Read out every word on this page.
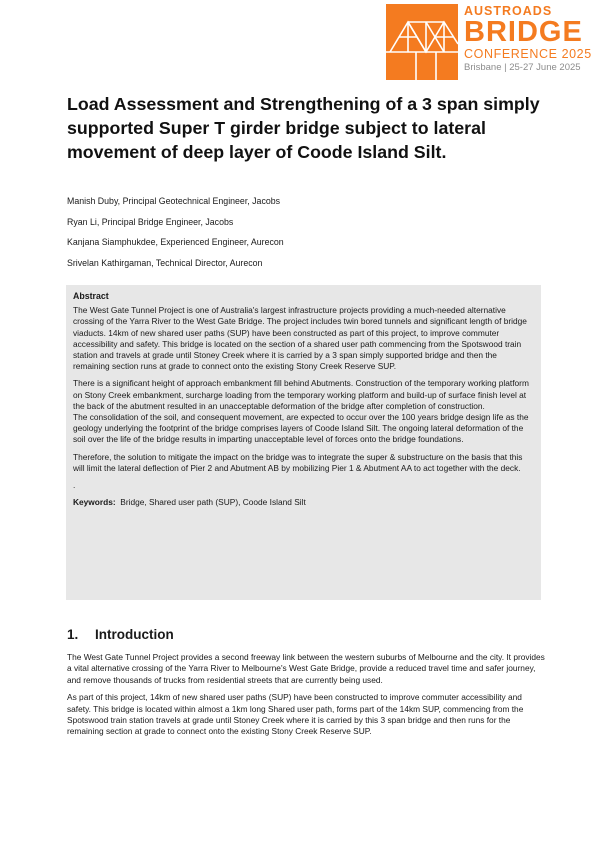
AUSTROADS
BRIDGE
CONFERENCE 2025
Brisbane | 25-27 June 2025
Load Assessment and Strengthening of a 3 span simply supported Super T girder bridge subject to lateral movement of deep layer of Coode Island Silt.
Manish Duby, Principal Geotechnical Engineer, Jacobs
Ryan Li, Principal Bridge Engineer, Jacobs
Kanjana Siamphukdee, Experienced Engineer, Aurecon
Srivelan Kathirgaman, Technical Director, Aurecon
Abstract

The West Gate Tunnel Project is one of Australia's largest infrastructure projects providing a much-needed alternative crossing of the Yarra River to the West Gate Bridge. The project includes twin bored tunnels and significant length of bridge viaducts. 14km of new shared user paths (SUP) have been constructed as part of this project, to improve commuter accessibility and safety. This bridge is located on the section of a shared user path commencing from the Spotswood train station and travels at grade until Stoney Creek where it is carried by a 3 span simply supported bridge and then the remaining section runs at grade to connect onto the existing Stony Creek Reserve SUP.

There is a significant height of approach embankment fill behind Abutments. Construction of the temporary working platform on Stony Creek embankment, surcharge loading from the temporary working platform and build-up of surface finish level at the back of the abutment resulted in an unacceptable deformation of the bridge after completion of construction.

The consolidation of the soil, and consequent movement, are expected to occur over the 100 years bridge design life as the geology underlying the footprint of the bridge comprises layers of Coode Island Silt. The ongoing lateral deformation of the soil over the life of the bridge results in imparting unacceptable level of forces onto the bridge foundations.

Therefore, the solution to mitigate the impact on the bridge was to integrate the super & substructure on the basis that this will limit the lateral deflection of Pier 2 and Abutment AB by mobilizing Pier 1 & Abutment AA to act together with the deck.

.
Keywords: Bridge, Shared user path (SUP), Coode Island Silt
1. Introduction

The West Gate Tunnel Project provides a second freeway link between the western suburbs of Melbourne and the city. It provides a vital alternative crossing of the Yarra River to Melbourne's West Gate Bridge, provide a reduced travel time and safer journey, and remove thousands of trucks from residential streets that are currently being used.

As part of this project, 14km of new shared user paths (SUP) have been constructed to improve commuter accessibility and safety. This bridge is located within almost a 1km long Shared user path, forms part of the 14km SUP, commencing from the Spotswood train station travels at grade until Stoney Creek where it is carried by this 3 span bridge and then runs for the remaining section at grade to connect onto the existing Stony Creek Reserve SUP.
